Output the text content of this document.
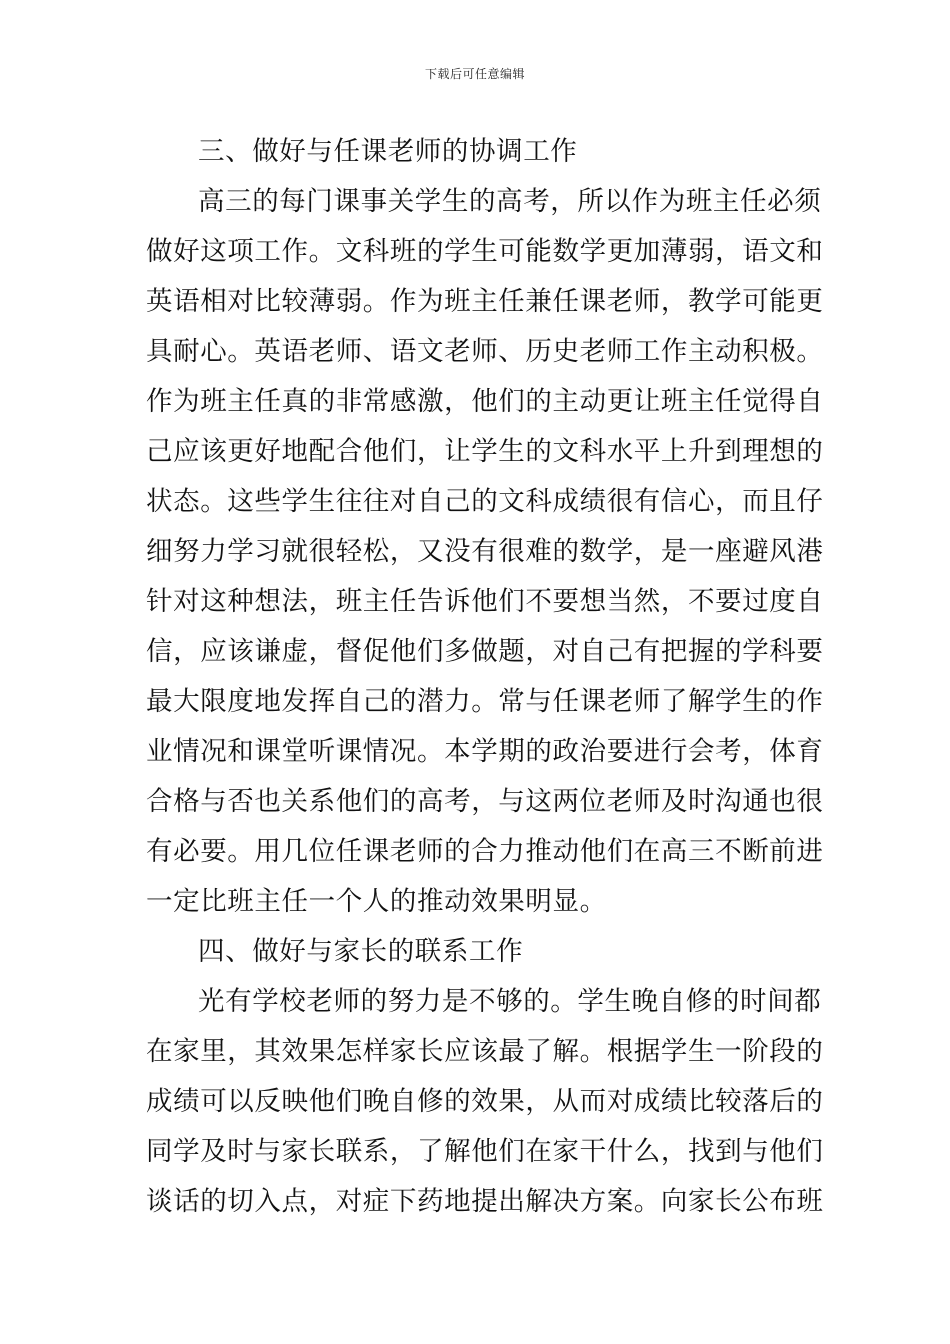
下载后可任意编辑
三、做好与任课老师的协调工作
高三的每门课事关学生的高考，所以作为班主任必须
做好这项工作。文科班的学生可能数学更加薄弱，语文和
英语相对比较薄弱。作为班主任兼任课老师，教学可能更
具耐心。英语老师、语文老师、历史老师工作主动积极。
作为班主任真的非常感激，他们的主动更让班主任觉得自
己应该更好地配合他们，让学生的文科水平上升到理想的
状态。这些学生往往对自己的文科成绩很有信心，而且仔
细努力学习就很轻松，又没有很难的数学，是一座避风港
针对这种想法，班主任告诉他们不要想当然，不要过度自
信，应该谦虚，督促他们多做题，对自己有把握的学科要
最大限度地发挥自己的潜力。常与任课老师了解学生的作
业情况和课堂听课情况。本学期的政治要进行会考，体育
合格与否也关系他们的高考，与这两位老师及时沟通也很
有必要。用几位任课老师的合力推动他们在高三不断前进
一定比班主任一个人的推动效果明显。
四、做好与家长的联系工作
光有学校老师的努力是不够的。学生晚自修的时间都
在家里，其效果怎样家长应该最了解。根据学生一阶段的
成绩可以反映他们晚自修的效果，从而对成绩比较落后的
同学及时与家长联系，了解他们在家干什么，找到与他们
谈话的切入点，对症下药地提出解决方案。向家长公布班
